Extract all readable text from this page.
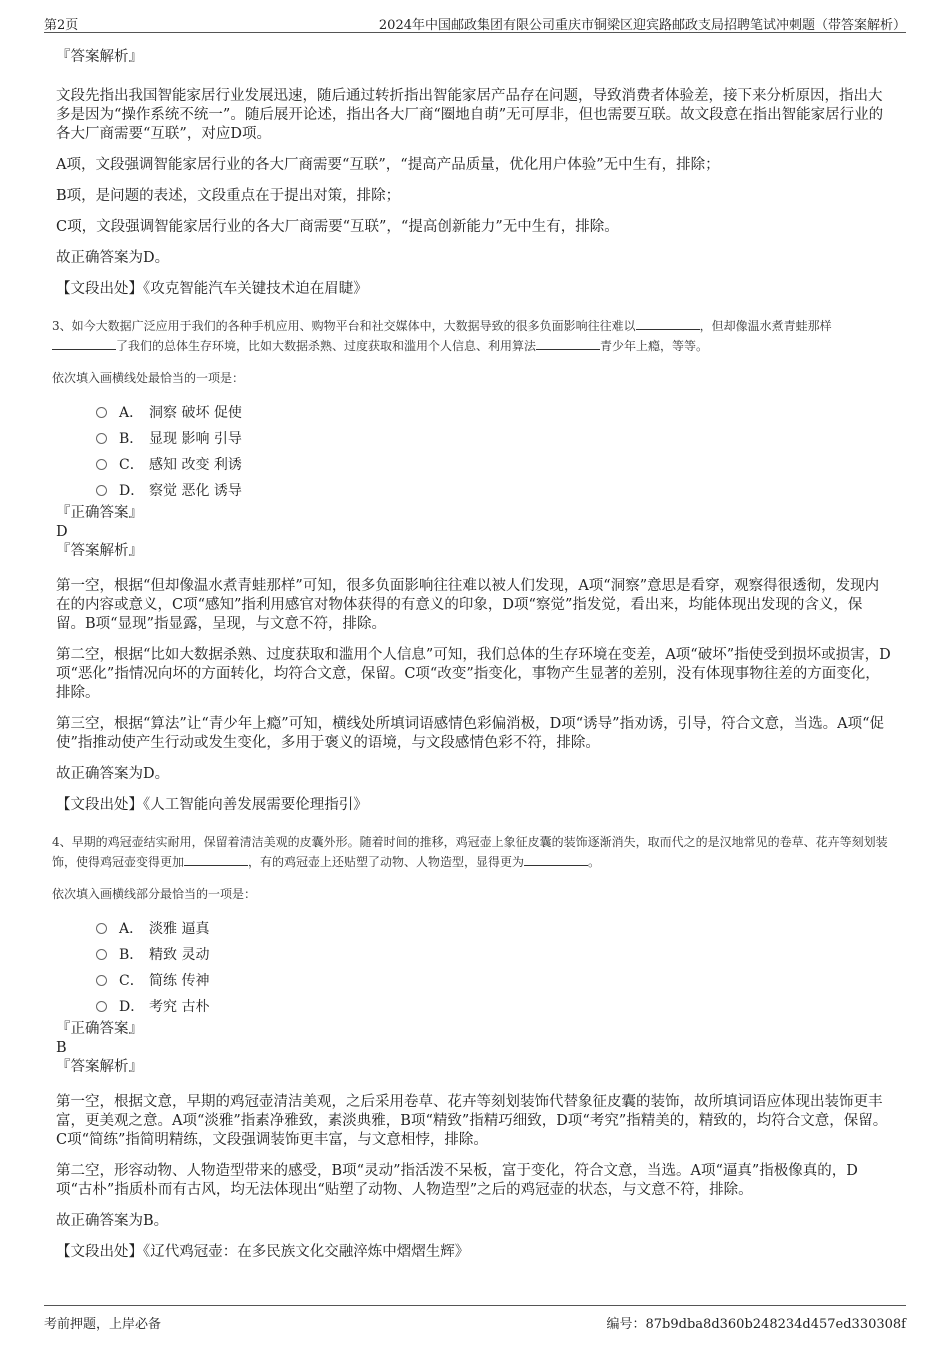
第2页	2024年中国邮政集团有限公司重庆市铜梁区迎宾路邮政支局招聘笔试冲刺题（带答案解析）

『答案解析』

文段先指出我国智能家居行业发展迅速，随后通过转折指出智能家居产品存在问题，导致消费者体验差，接下来分析原因，指出大多是因为“操作系统不统一”。随后展开论述，指出各大厂商“圈地自萌”无可厚非，但也需要互联。故文段意在指出智能家居行业的各大厂商需要“互联”，对应D项。

A项，文段强调智能家居行业的各大厂商需要“互联”，“提高产品质量，优化用户体验”无中生有，排除；

B项，是问题的表述，文段重点在于提出对策，排除；

C项，文段强调智能家居行业的各大厂商需要“互联”，“提高创新能力”无中生有，排除。

故正确答案为D。

【文段出处】《攻克智能汽车关键技术迫在眉睫》

3、如今大数据广泛应用于我们的各种手机应用、购物平台和社交媒体中，大数据导致的很多负面影响往往难以	，但却像温水煮青蛙那样了我们的总体生存环境，比如大数据杀熟、过度获取和滥用个人信息、利用算法	青少年上瘾，等等。

依次填入画横线处最恰当的一项是：

A． 洞察 破坏 促使
B． 显现 影响 引导
C． 感知 改变 利诱
D． 察觉 恶化 诱导

『正确答案』

D

『答案解析』

第一空，根据“但却像温水煮青蛙那样”可知，很多负面影响往往难以被人们发现，A项“洞察”意思是看穿，观察得很透彻，发现内在的内容或意义，C项“感知”指利用感官对物体获得的有意义的印象，D项“察觉”指发觉，看出来，均能体现出发现的含义，保留。B项“显现”指显露，呈现，与文意不符，排除。

第二空，根据“比如大数据杀熟、过度获取和滥用个人信息”可知，我们总体的生存环境在变差，A项“破坏”指使受到损坏或损害，D项“恶化”指情况向坏的方面转化，均符合文意，保留。C项“改变”指变化，事物产生显著的差别，没有体现事物往差的方面变化，排除。

第三空，根据“算法”让“青少年上瘾”可知，横线处所填词语感情色彩偏消极，D项“诱导”指劝诱，引导，符合文意，当选。A项“促使”指推动使产生行动或发生变化，多用于褒义的语境，与文段感情色彩不符，排除。

故正确答案为D。

【文段出处】《人工智能向善发展需要伦理指引》

4、早期的鸡冠壶结实耐用，保留着清洁美观的皮囊外形。随着时间的推移，鸡冠壶上象征皮囊的装饰逐渐消失，取而代之的是汉地常见的卷草、花卉等刻划装饰，使得鸡冠壶变得更加	，有的鸡冠壶上还贴塑了动物、人物造型，显得更为	。

依次填入画横线部分最恰当的一项是：

A． 淡雅 逼真
B． 精致 灵动
C． 简练 传神
D． 考究 古朴

『正确答案』

B

『答案解析』

第一空，根据文意，早期的鸡冠壶清洁美观，之后采用卷草、花卉等刻划装饰代替象征皮囊的装饰，故所填词语应体现出装饰更丰富，更美观之意。A项“淡雅”指素净雅致，素淡典雅，B项“精致”指精巧细致，D项“考究”指精美的，精致的，均符合文意，保留。C项“简练”指简明精练，文段强调装饰更丰富，与文意相悖，排除。

第二空，形容动物、人物造型带来的感受，B项“灵动”指活泼不呆板，富于变化，符合文意，当选。A项“逼真”指极像真的，D项“古朴”指质朴而有古风，均无法体现出“贴塑了动物、人物造型”之后的鸡冠壶的状态，与文意不符，排除。

故正确答案为B。

【文段出处】《辽代鸡冠壶：在多民族文化交融淬炼中熠熠生辉》

考前押题，上岸必备	编号：87b9dba8d360b248234d457ed330308f
